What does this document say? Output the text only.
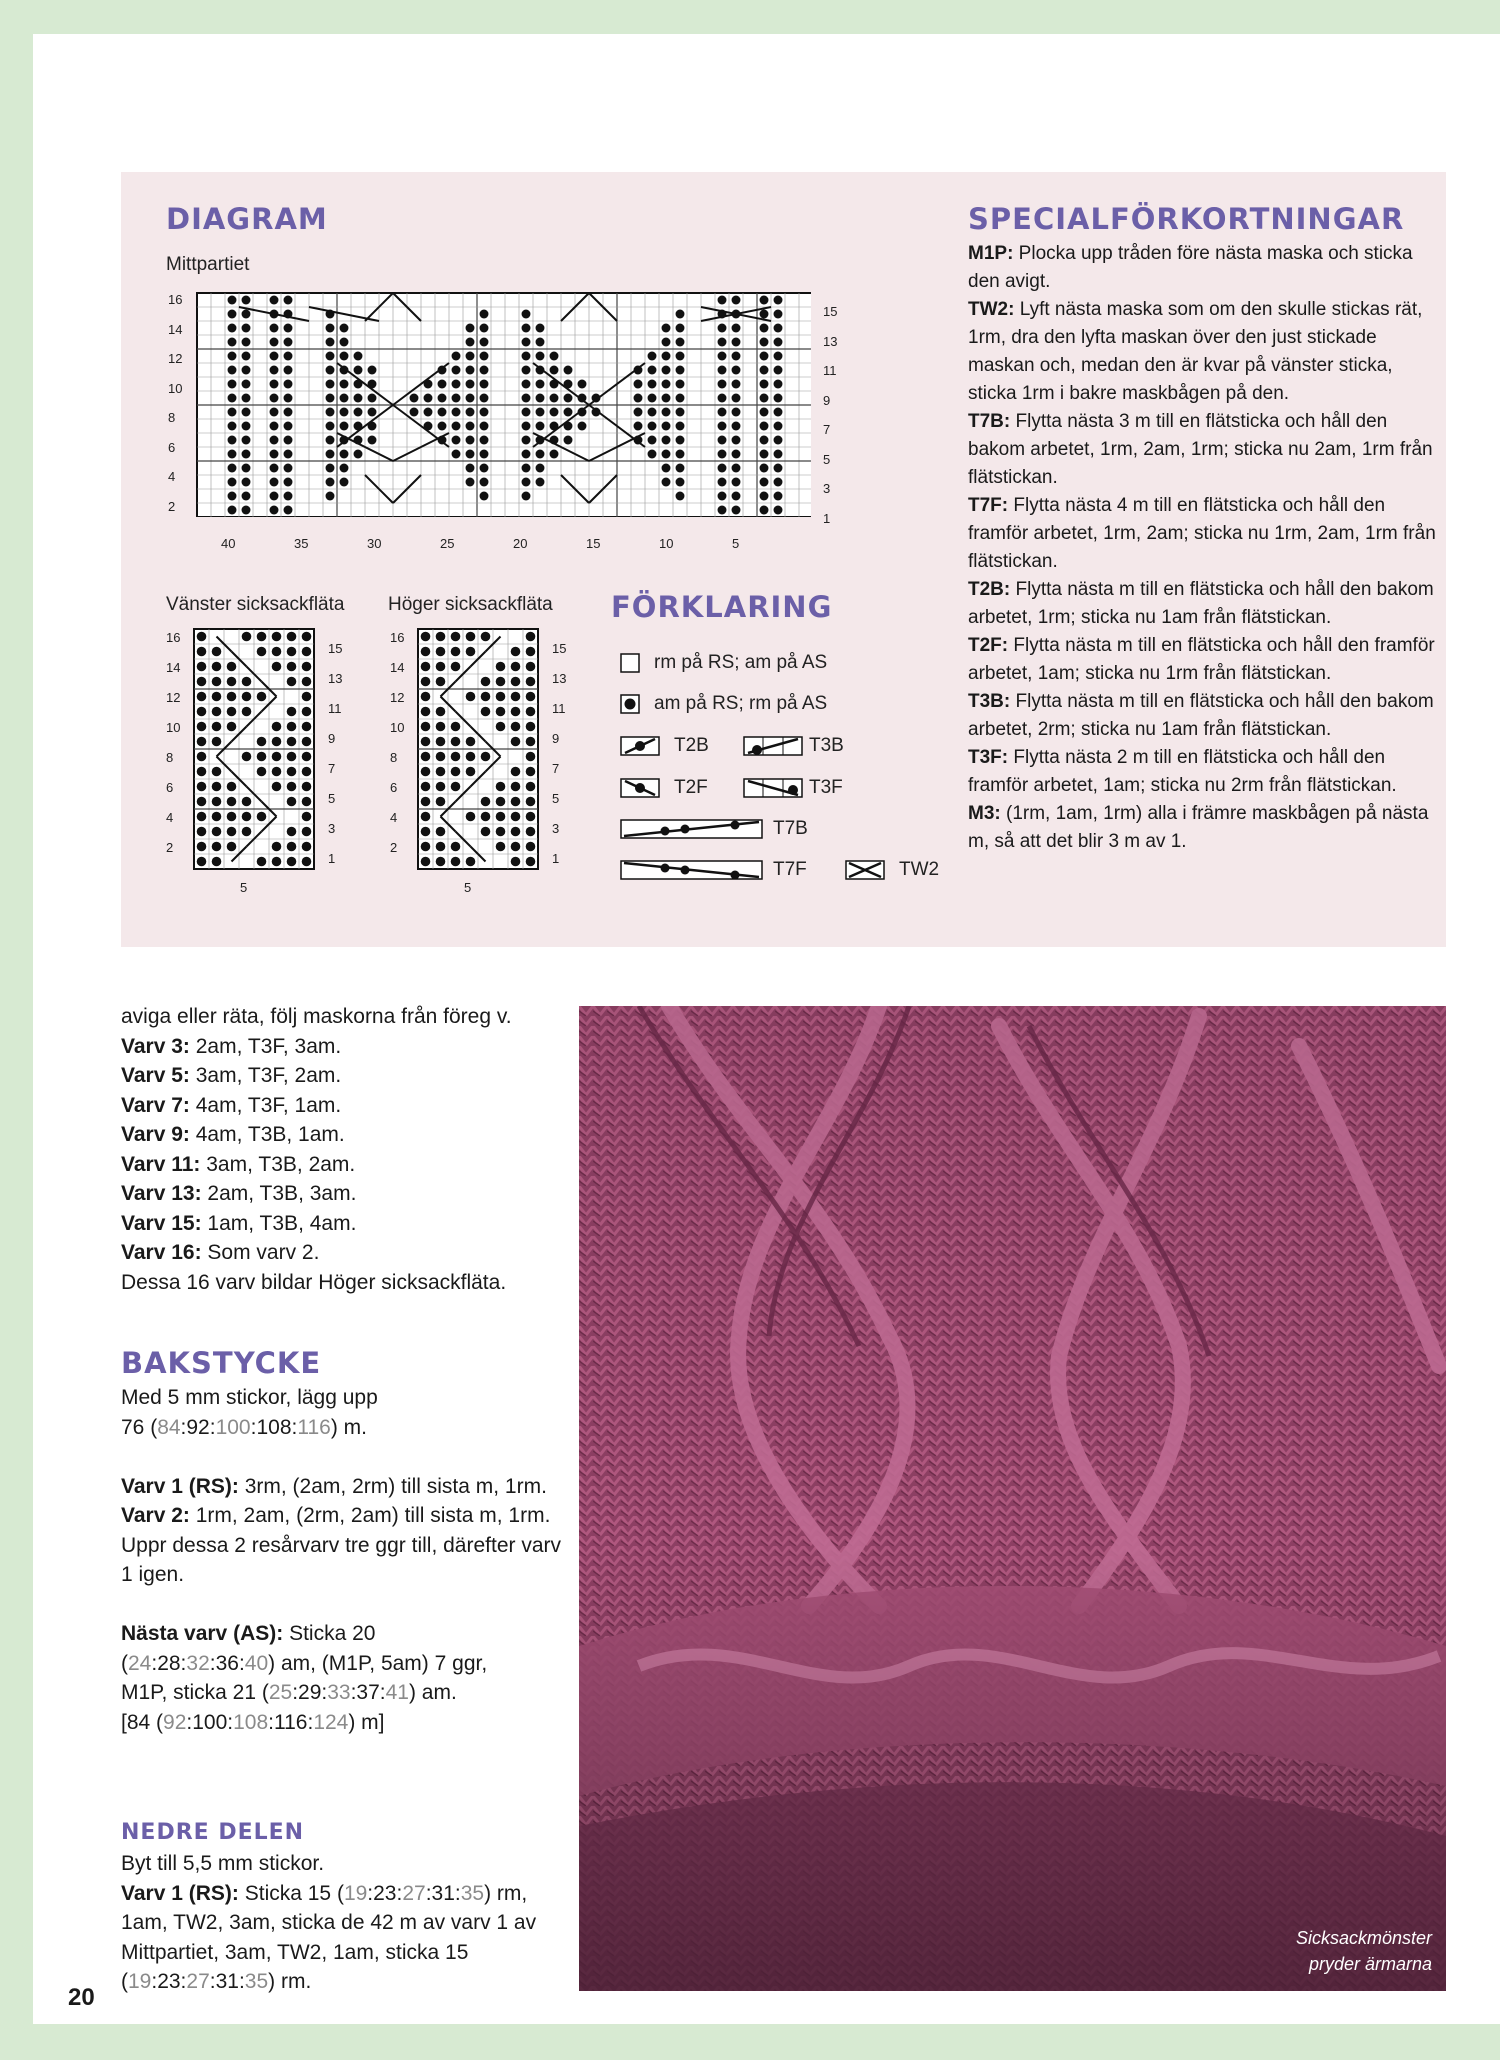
DIAGRAM
Mittpartiet
16
14
12
10
8
6
4
2
15
13
11
9
7
5
3
1
40	35	30	25	20	15	10	5
Vänster sicksackfläta Höger sicksackfläta
16
14
12
10
8
6
4
2
15
13
11
9
7
5
3
1
5
16
14
12
10
8
6
4
2
15
13
11
9
7
5
3
1
5
FÖRKLARING
rm på RS; am på AS
am på RS; rm på AS
T2B	T3B
T2F	T3F
T7B
T7F	TW2
SPECIALFÖRKORTNINGAR

M1P: Plocka upp tråden före nästa maska och sticka den avigt.

TW2: Lyft nästa maska som om den skulle stickas rät, 1rm, dra den lyfta maskan över den just stickade maskan och, medan den är kvar på vänster sticka, sticka 1rm i bakre maskbågen på den.

T7B: Flytta nästa 3 m till en flätsticka och håll den bakom arbetet, 1rm, 2am, 1rm; sticka nu 2am, 1rm från flätstickan.

T7F: Flytta nästa 4 m till en flätsticka och håll den framför arbetet, 1rm, 2am; sticka nu 1rm, 2am, 1rm från flätstickan.

T2B: Flytta nästa m till en flätsticka och håll den bakom arbetet, 1rm; sticka nu 1am från flätstickan.

T2F: Flytta nästa m till en flätsticka och håll den framför arbetet, 1am; sticka nu 1rm från flätstickan.

T3B: Flytta nästa m till en flätsticka och håll den bakom arbetet, 2rm; sticka nu 1am från flätstickan.

T3F: Flytta nästa 2 m till en flätsticka och håll den framför arbetet, 1am; sticka nu 2rm från flätstickan.

M3: (1rm, 1am, 1rm) alla i främre maskbågen på nästa m, så att det blir 3 m av 1.

aviga eller räta, följ maskorna från föreg v.

Varv 3: 2am, T3F, 3am.

Varv 5: 3am, T3F, 2am.

Varv 7: 4am, T3F, 1am.

Varv 9: 4am, T3B, 1am.

Varv 11: 3am, T3B, 2am.

Varv 13: 2am, T3B, 3am.

Varv 15: 1am, T3B, 4am.

Varv 16: Som varv 2.

Dessa 16 varv bildar Höger sicksackfläta.

BAKSTYCKE

Med 5 mm stickor, lägg upp

76 (84:92:100:108:116) m.

Varv 1 (RS): 3rm, (2am, 2rm) till sista m, 1rm.

Varv 2: 1rm, 2am, (2rm, 2am) till sista m, 1rm.

Uppr dessa 2 resårvarv tre ggr till, därefter varv 1 igen.

Nästa varv (AS): Sticka 20

(24:28:32:36:40) am, (M1P, 5am) 7 ggr,

M1P, sticka 21 (25:29:33:37:41) am.

[84 (92:100:108:116:124) m]

NEDRE DELEN

Byt till 5,5 mm stickor.

Varv 1 (RS): Sticka 15 (19:23:27:31:35) rm,

1am, TW2, 3am, sticka de 42 m av varv 1 av

Mittpartiet, 3am, TW2, 1am, sticka 15

(19:23:27:31:35) rm.

Sicksackmönster
pryder ärmarna
20
